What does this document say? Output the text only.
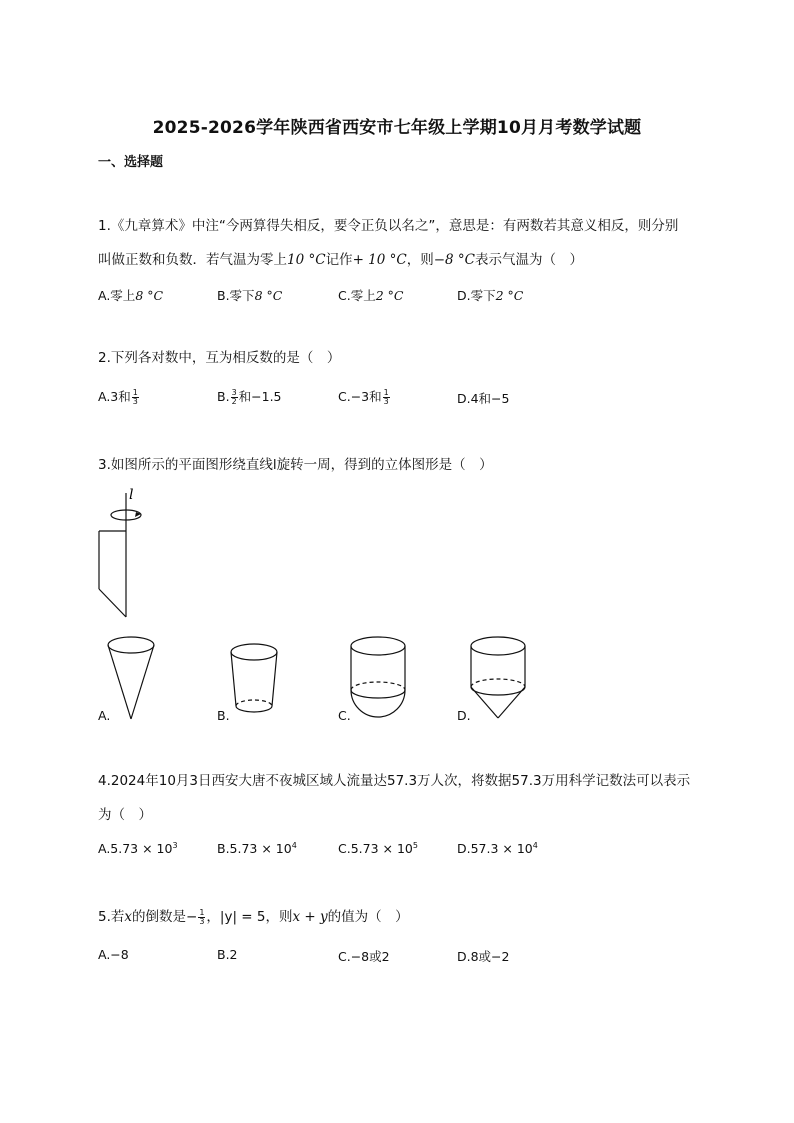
2025-2026学年陕西省西安市七年级上学期10月月考数学试题
一、选择题
1.《九章算术》中注“今两算得失相反，要令正负以名之”，意思是：有两数若其意义相反，则分别
叫做正数和负数．若气温为零上10 °C记作+ 10 °C，则−8 °C表示气温为（　）
A.零上8 °C	B.零下8 °C	C.零上2 °C	D.零下2 °C
2.下列各对数中，互为相反数的是（　）
A.3和 $\frac{1}{3}$	B. $\frac{3}{2}$ 和−1.5	C.−3和 $\frac{1}{3}$	D.4和−5
3.如图所示的平面图形绕直线l旋转一周，得到的立体图形是（　）
l
A.	B.	C.	D.
4.2024年10月3日西安大唐不夜城区域人流量达57.3万人次，将数据57.3万用科学记数法可以表示
为（　）
$A.5.73 \times 10^3$	$B.5.73 \times 10^4$	$C.5.73 \times 10^5$	$D.57.3 \times 10^4$
5.若x的倒数是− $\frac{1}{3}$ ，|y| = 5，则x + y的值为（　）
A.−8	B.2	C.−8或2	D.8或−2
